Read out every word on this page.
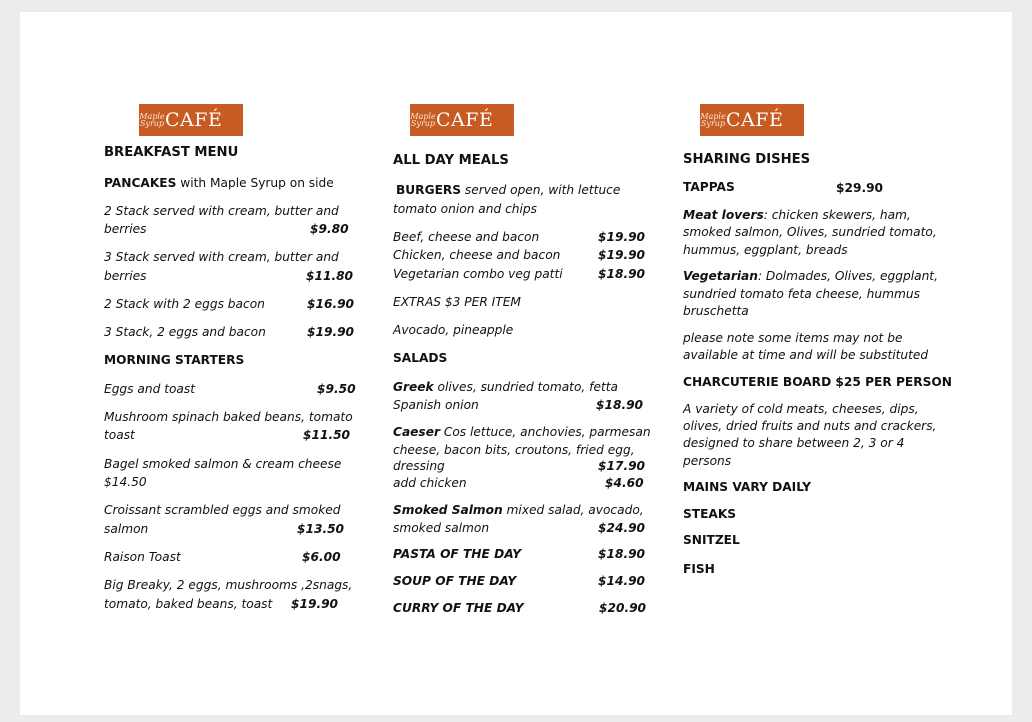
Maple Syrup CAFÉ	Maple Syrup CAFÉ	Maple Syrup CAFÉ
BREAKFAST MENU
PANCAKES with Maple Syrup on side
2 Stack served with cream, butter and
berries	$9.80
3 Stack served with cream, butter and
berries	$11.80
2 Stack with 2 eggs bacon	$16.90
3 Stack, 2 eggs and bacon	$19.90
MORNING STARTERS
Eggs and toast	$9.50
Mushroom spinach baked beans, tomato
toast	$11.50
Bagel smoked salmon & cream cheese
$14.50
Croissant scrambled eggs and smoked
salmon	$13.50
Raison Toast	$6.00
Big Breaky, 2 eggs, mushrooms ,2snags,
tomato, baked beans, toast $19.90
ALL DAY MEALS
BURGERS served open, with lettuce
tomato onion and chips
Beef, cheese and bacon	$19.90
Chicken, cheese and bacon	$19.90
Vegetarian combo veg patti	$18.90
EXTRAS $3 PER ITEM
Avocado, pineapple
SALADS
Greek olives, sundried tomato, fetta
Spanish onion	$18.90
Caeser Cos lettuce, anchovies, parmesan
cheese, bacon bits, croutons, fried egg,
dressing	$17.90
add chicken	$4.60
Smoked Salmon mixed salad, avocado,
smoked salmon	$24.90
PASTA OF THE DAY	$18.90
SOUP OF THE DAY	$14.90
CURRY OF THE DAY	$20.90
SHARING DISHES
TAPPAS	$29.90
Meat lovers: chicken skewers, ham,
smoked salmon, Olives, sundried tomato,
hummus, eggplant, breads
Vegetarian: Dolmades, Olives, eggplant,
sundried tomato feta cheese, hummus
bruschetta
please note some items may not be
available at time and will be substituted
CHARCUTERIE BOARD $25 PER PERSON
A variety of cold meats, cheeses, dips,
olives, dried fruits and nuts and crackers,
designed to share between 2, 3 or 4
persons
MAINS VARY DAILY
STEAKS
SNITZEL
FISH
